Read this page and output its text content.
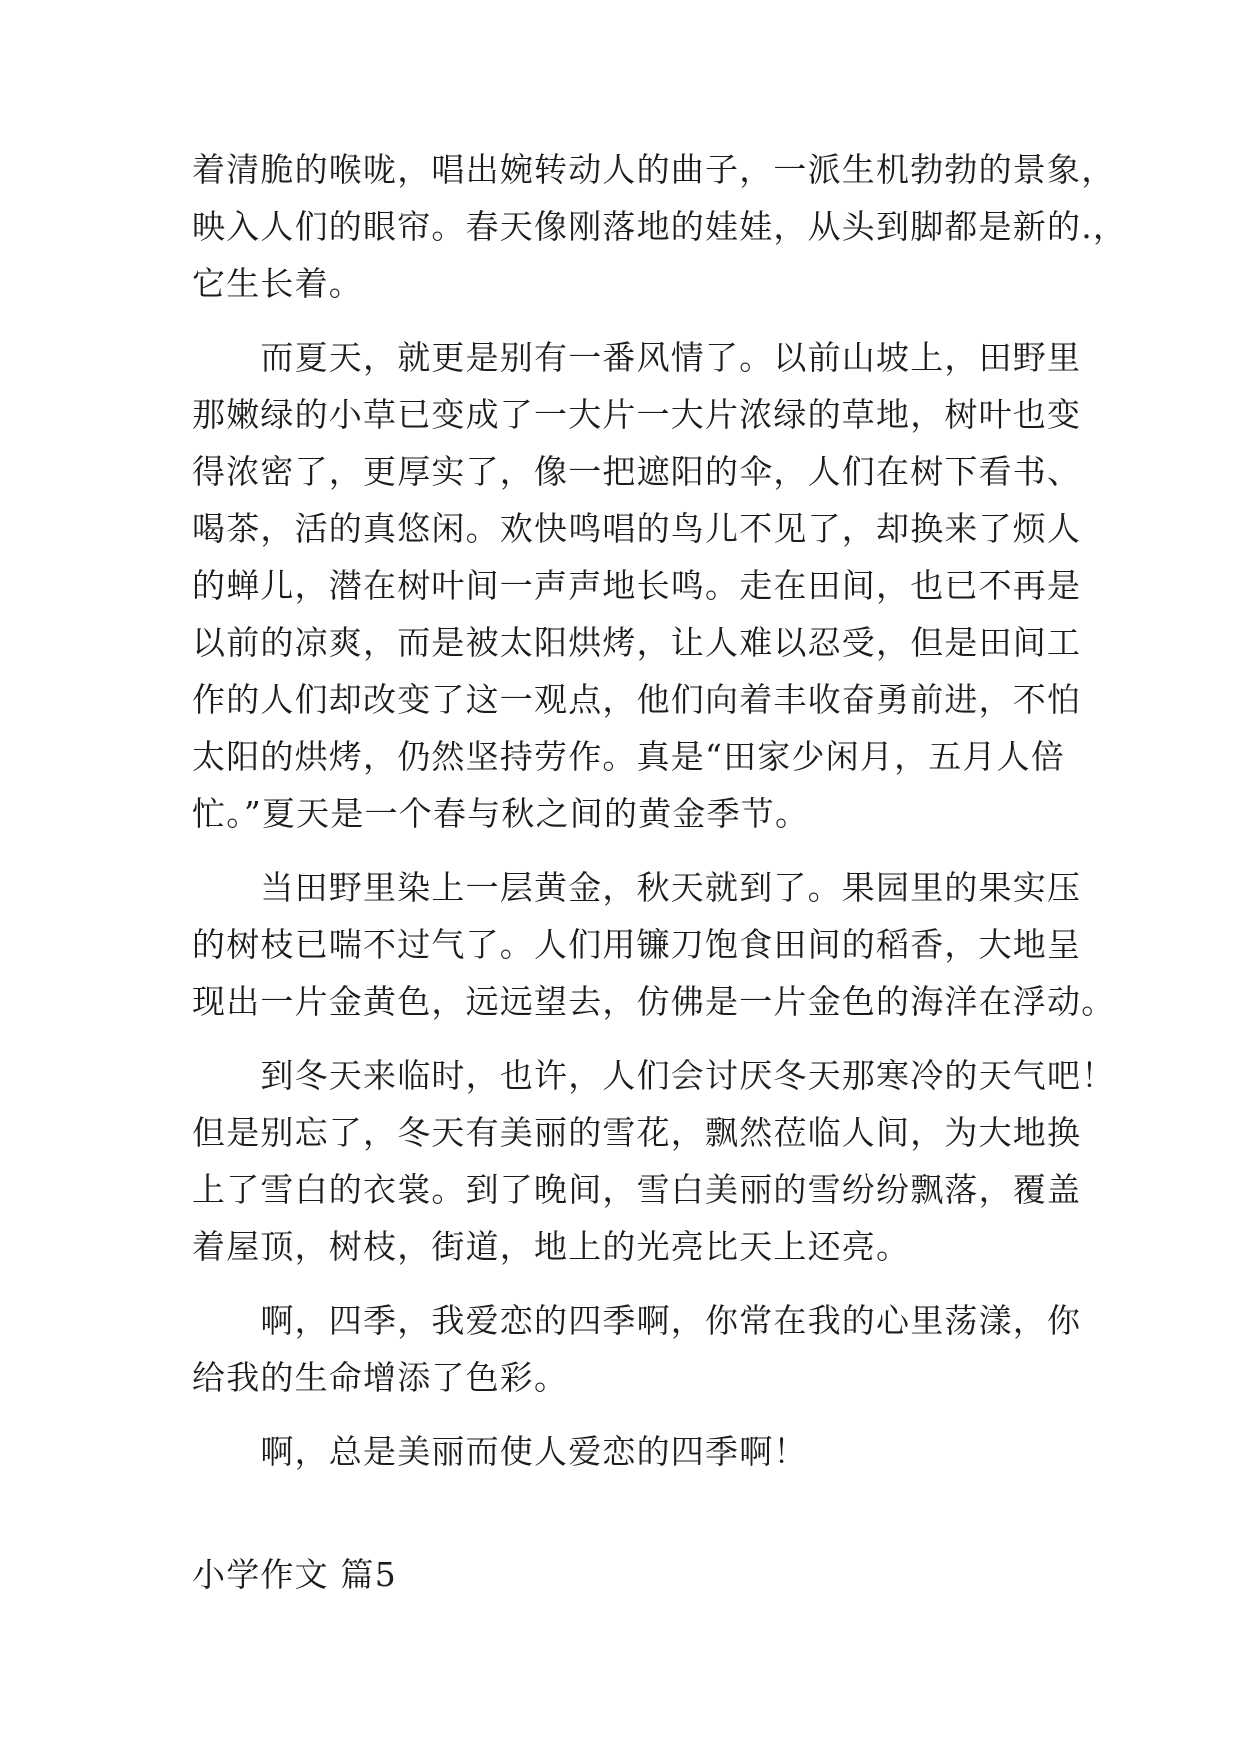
着清脆的喉咙，唱出婉转动人的曲子，一派生机勃勃的景象，
映入人们的眼帘。春天像刚落地的娃娃，从头到脚都是新的.，
它生长着。
　　而夏天，就更是别有一番风情了。以前山坡上，田野里
那嫩绿的小草已变成了一大片一大片浓绿的草地，树叶也变
得浓密了，更厚实了，像一把遮阳的伞，人们在树下看书、
喝茶，活的真悠闲。欢快鸣唱的鸟儿不见了，却换来了烦人
的蝉儿，潜在树叶间一声声地长鸣。走在田间，也已不再是
以前的凉爽，而是被太阳烘烤，让人难以忍受，但是田间工
作的人们却改变了这一观点，他们向着丰收奋勇前进，不怕
太阳的烘烤，仍然坚持劳作。真是“田家少闲月，五月人倍
忙。”夏天是一个春与秋之间的黄金季节。
　　当田野里染上一层黄金，秋天就到了。果园里的果实压
的树枝已喘不过气了。人们用镰刀饱食田间的稻香，大地呈
现出一片金黄色，远远望去，仿佛是一片金色的海洋在浮动。
　　到冬天来临时，也许，人们会讨厌冬天那寒冷的天气吧！
但是别忘了，冬天有美丽的雪花，飘然莅临人间，为大地换
上了雪白的衣裳。到了晚间，雪白美丽的雪纷纷飘落，覆盖
着屋顶，树枝，街道，地上的光亮比天上还亮。
　　啊，四季，我爱恋的四季啊，你常在我的心里荡漾，你
给我的生命增添了色彩。
　　啊，总是美丽而使人爱恋的四季啊！
小学作文 篇5
